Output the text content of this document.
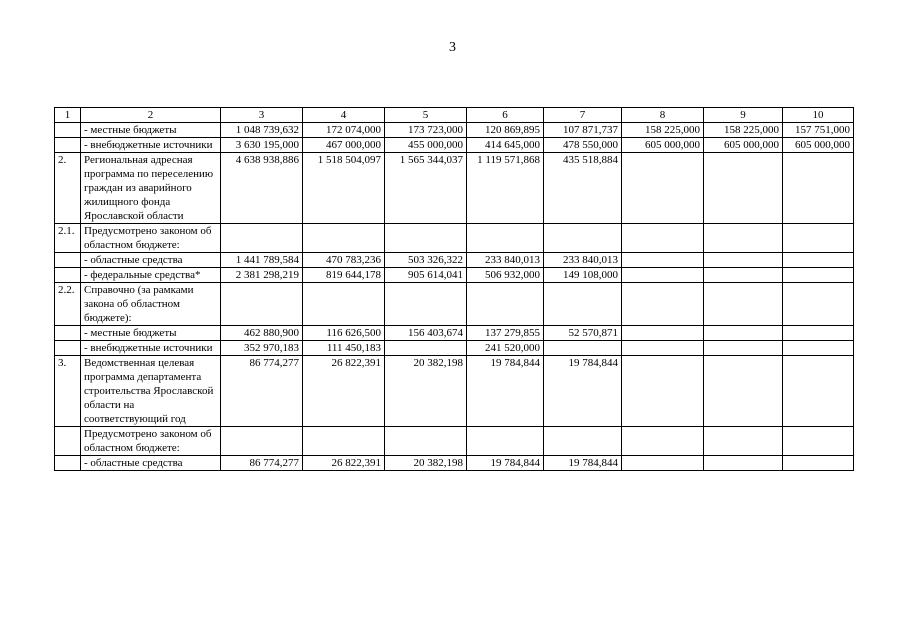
3
1	2	3	4	5	6	7	8	9	10
	- местные бюджеты	1 048 739,632	172 074,000	173 723,000	120 869,895	107 871,737	158 225,000	158 225,000	157 751,000
	- внебюджетные источники	3 630 195,000	467 000,000	455 000,000	414 645,000	478 550,000	605 000,000	605 000,000	605 000,000
2.	Региональная адресная программа по переселению граждан из аварийного жилищного фонда Ярославской области	4 638 938,886	1 518 504,097	1 565 344,037	1 119 571,868	435 518,884			
2.1.	Предусмотрено законом об областном бюджете:								
	- областные средства	1 441 789,584	470 783,236	503 326,322	233 840,013	233 840,013			
	- федеральные средства*	2 381 298,219	819 644,178	905 614,041	506 932,000	149 108,000			
2.2.	Справочно (за рамками закона об областном бюджете):								
	- местные бюджеты	462 880,900	116 626,500	156 403,674	137 279,855	52 570,871			
	- внебюджетные источники	352 970,183	111 450,183		241 520,000				
3.	Ведомственная целевая программа департамента строительства Ярославской области на соответствующий год	86 774,277	26 822,391	20 382,198	19 784,844	19 784,844			
	Предусмотрено законом об областном бюджете:								
	- областные средства	86 774,277	26 822,391	20 382,198	19 784,844	19 784,844			
